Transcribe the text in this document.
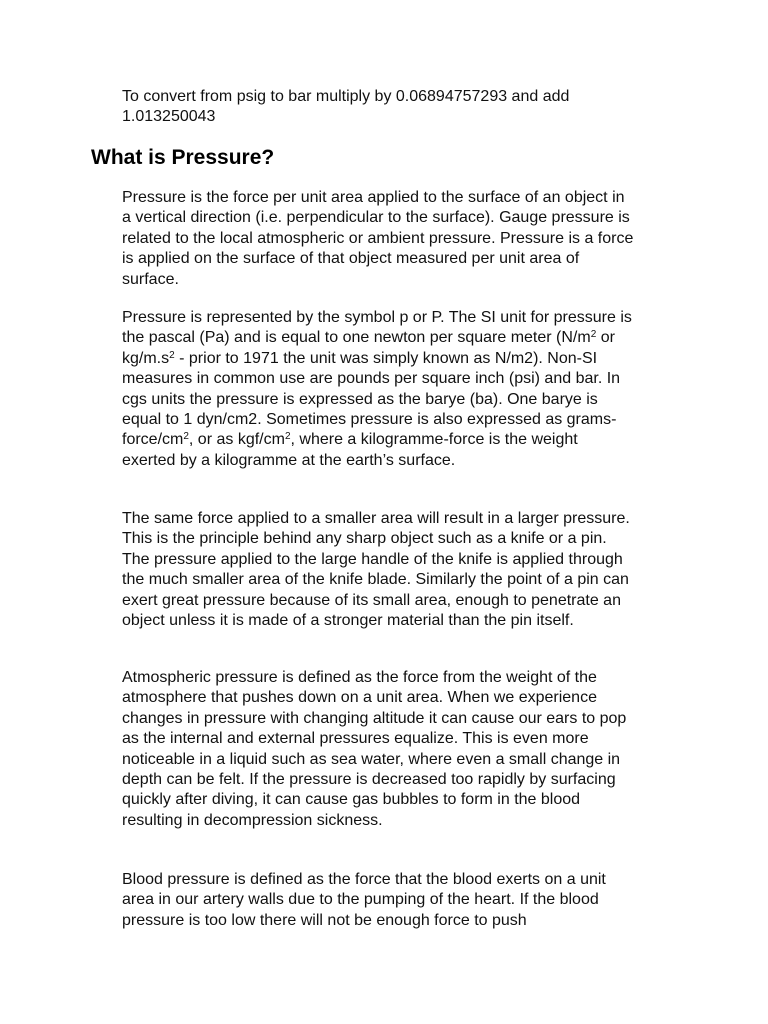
To convert from psig to bar multiply by 0.06894757293 and add 1.013250043

What is Pressure?

Pressure is the force per unit area applied to the surface of an object in a vertical direction (i.e. perpendicular to the surface). Gauge pressure is related to the local atmospheric or ambient pressure. Pressure is a force is applied on the surface of that object measured per unit area of surface.

Pressure is represented by the symbol p or P. The SI unit for pressure is the pascal (Pa) and is equal to one newton per square meter ($N/m^2$ or $kg/m.s^2$ - prior to 1971 the unit was simply known as N/m2). Non-SI measures in common use are pounds per square inch (psi) and bar. In cgs units the pressure is expressed as the barye (ba). One barye is equal to 1 dyn/cm2. Sometimes pressure is also expressed as grams-$force/cm^2$, or as kgf/$cm^2$, where a kilogramme-force is the weight exerted by a kilogramme at the earth’s surface.

The same force applied to a smaller area will result in a larger pressure. This is the principle behind any sharp object such as a knife or a pin. The pressure applied to the large handle of the knife is applied through the much smaller area of the knife blade. Similarly the point of a pin can exert great pressure because of its small area, enough to penetrate an object unless it is made of a stronger material than the pin itself.

Atmospheric pressure is defined as the force from the weight of the atmosphere that pushes down on a unit area. When we experience changes in pressure with changing altitude it can cause our ears to pop as the internal and external pressures equalize. This is even more noticeable in a liquid such as sea water, where even a small change in depth can be felt. If the pressure is decreased too rapidly by surfacing quickly after diving, it can cause gas bubbles to form in the blood resulting in decompression sickness.

Blood pressure is defined as the force that the blood exerts on a unit area in our artery walls due to the pumping of the heart. If the blood pressure is too low there will not be enough force to push
